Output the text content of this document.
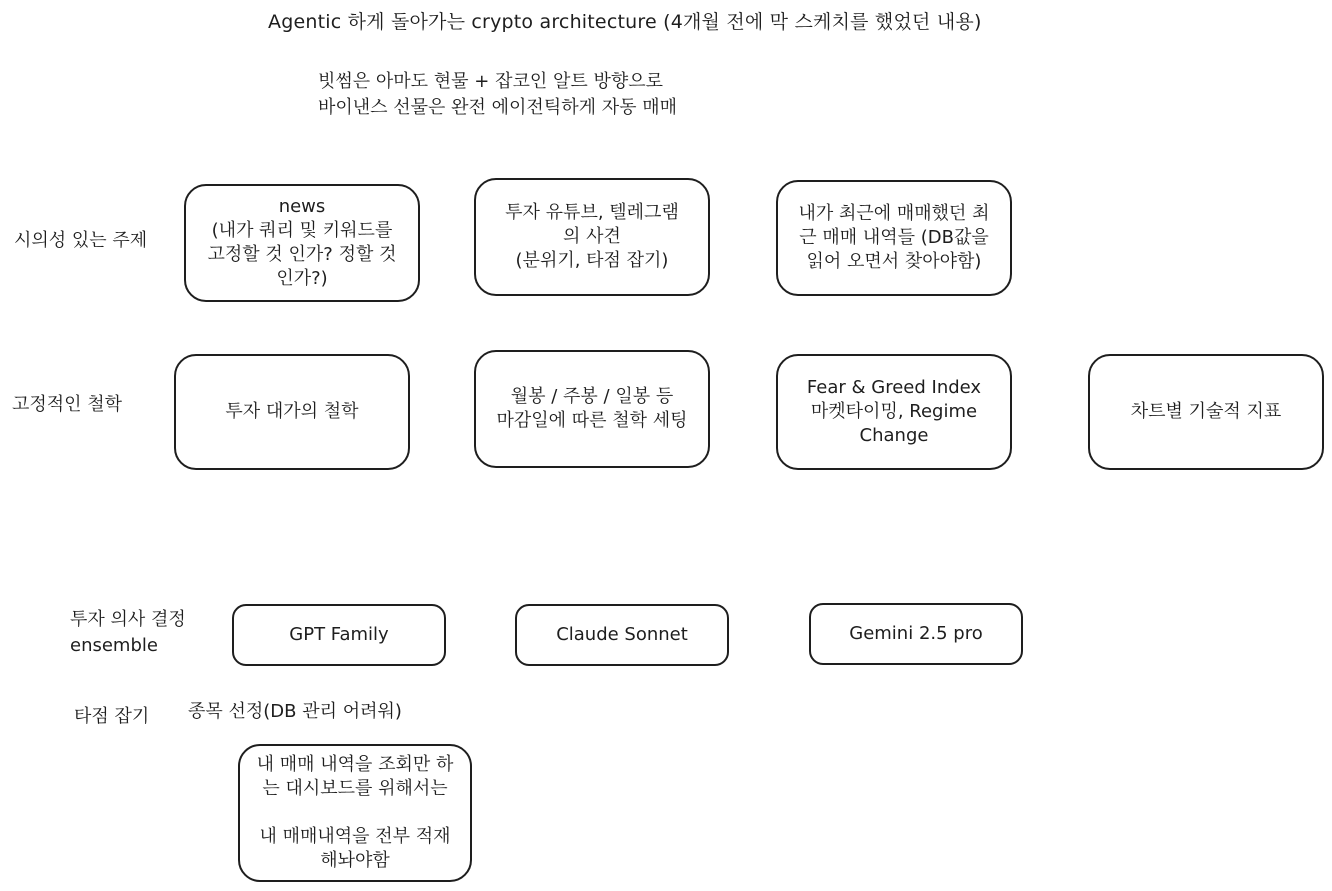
Agentic 하게 돌아가는 crypto architecture (4개월 전에 막 스케치를 했었던 내용)
빗썸은 아마도 현물 + 잡코인 알트 방향으로
바이낸스 선물은 완전 에이전틱하게 자동 매매
시의성 있는 주제
news
(내가 쿼리 및 키워드를
고정할 것 인가? 정할 것
인가?)
투자 유튜브, 텔레그램
의 사견
(분위기, 타점 잡기)
내가 최근에 매매했던 최
근 매매 내역들 (DB값을
읽어 오면서 찾아야함)
고정적인 철학	투자 대가의 철학
월봉 / 주봉 / 일봉 등
마감일에 따른 철학 세팅
Fear & Greed Index
마켓타이밍, Regime
Change
차트별 기술적 지표
투자 의사 결정
ensemble
GPT Family	Claude Sonnet	Gemini 2.5 pro
타점 잡기 종목 선정(DB 관리 어려워)
내 매매 내역을 조회만 하
는 대시보드를 위해서는

내 매매내역을 전부 적재
해놔야함
